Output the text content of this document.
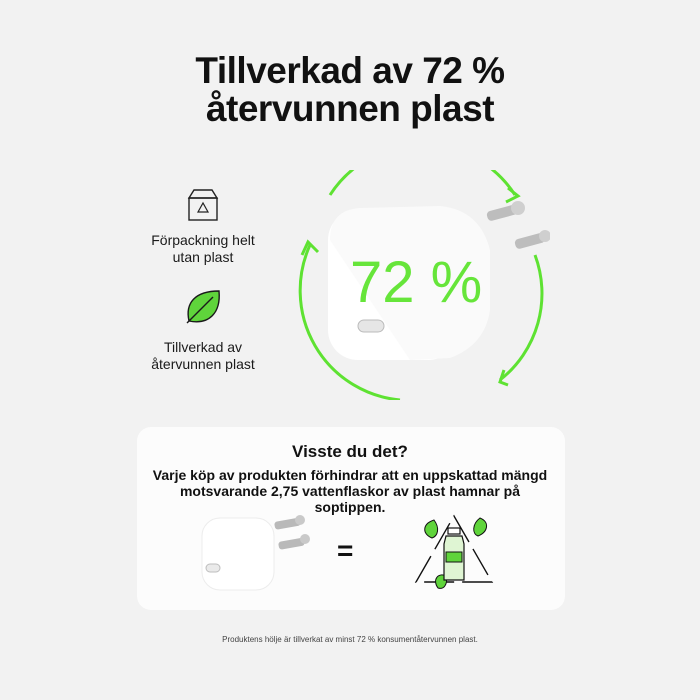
Tillverkad av 72 %
återvunnen plast
Förpackning helt
utan plast
Tillverkad av
återvunnen plast
72 %
Visste du det?
Varje köp av produkten förhindrar att en uppskattad mängd motsvarande 2,75 vattenflaskor av plast hamnar på soptippen.
=
Produktens hölje är tillverkat av minst 72 % konsumentåtervunnen plast.
